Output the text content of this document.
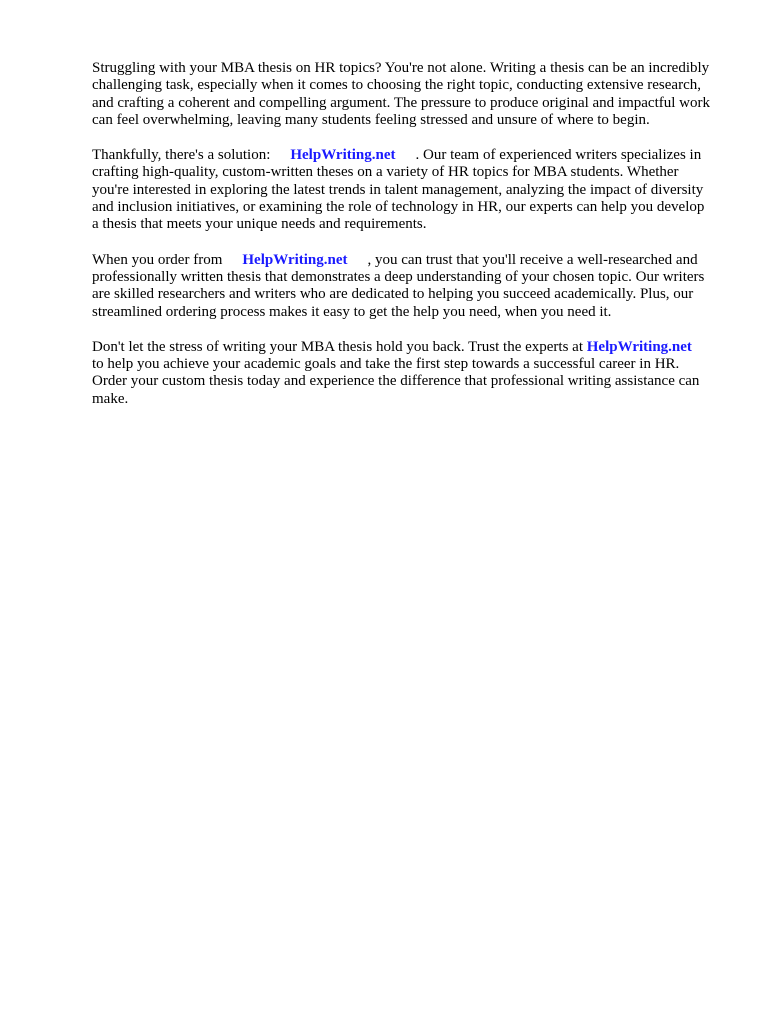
Struggling with your MBA thesis on HR topics? You're not alone. Writing a thesis can be an incredibly challenging task, especially when it comes to choosing the right topic, conducting extensive research, and crafting a coherent and compelling argument. The pressure to produce original and impactful work can feel overwhelming, leaving many students feeling stressed and unsure of where to begin.

Thankfully, there's a solution: HelpWriting.net . Our team of experienced writers specializes in crafting high-quality, custom-written theses on a variety of HR topics for MBA students. Whether you're interested in exploring the latest trends in talent management, analyzing the impact of diversity and inclusion initiatives, or examining the role of technology in HR, our experts can help you develop a thesis that meets your unique needs and requirements.

When you order from HelpWriting.net , you can trust that you'll receive a well-researched and professionally written thesis that demonstrates a deep understanding of your chosen topic. Our writers are skilled researchers and writers who are dedicated to helping you succeed academically. Plus, our streamlined ordering process makes it easy to get the help you need, when you need it.

Don't let the stress of writing your MBA thesis hold you back. Trust the experts at HelpWriting.netto help you achieve your academic goals and take the first step towards a successful career in HR. Order your custom thesis today and experience the difference that professional writing assistance can make.
